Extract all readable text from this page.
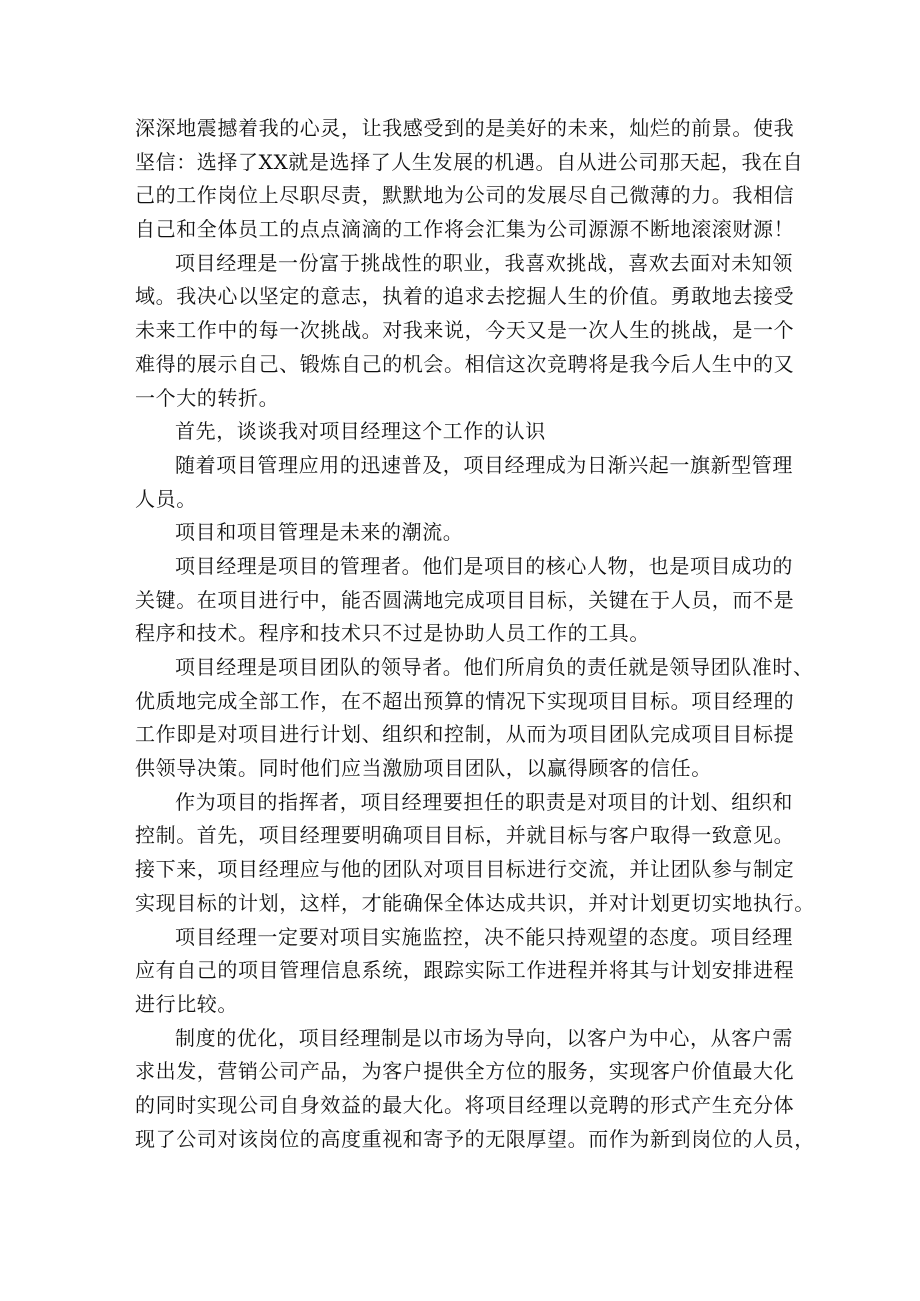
深深地震撼着我的心灵，让我感受到的是美好的未来，灿烂的前景。使我
坚信：选择了XX就是选择了人生发展的机遇。自从进公司那天起，我在自
己的工作岗位上尽职尽责，默默地为公司的发展尽自己微薄的力。我相信
自己和全体员工的点点滴滴的工作将会汇集为公司源源不断地滚滚财源！
项目经理是一份富于挑战性的职业，我喜欢挑战，喜欢去面对未知领
域。我决心以坚定的意志，执着的追求去挖掘人生的价值。勇敢地去接受
未来工作中的每一次挑战。对我来说，今天又是一次人生的挑战，是一个
难得的展示自己、锻炼自己的机会。相信这次竞聘将是我今后人生中的又
一个大的转折。
首先，谈谈我对项目经理这个工作的认识
随着项目管理应用的迅速普及，项目经理成为日渐兴起一旗新型管理
人员。
项目和项目管理是未来的潮流。
项目经理是项目的管理者。他们是项目的核心人物，也是项目成功的
关键。在项目进行中，能否圆满地完成项目目标，关键在于人员，而不是
程序和技术。程序和技术只不过是协助人员工作的工具。
项目经理是项目团队的领导者。他们所肩负的责任就是领导团队准时、
优质地完成全部工作，在不超出预算的情况下实现项目目标。项目经理的
工作即是对项目进行计划、组织和控制，从而为项目团队完成项目目标提
供领导决策。同时他们应当激励项目团队，以赢得顾客的信任。
作为项目的指挥者，项目经理要担任的职责是对项目的计划、组织和
控制。首先，项目经理要明确项目目标，并就目标与客户取得一致意见。
接下来，项目经理应与他的团队对项目目标进行交流，并让团队参与制定
实现目标的计划，这样，才能确保全体达成共识，并对计划更切实地执行。
项目经理一定要对项目实施监控，决不能只持观望的态度。项目经理
应有自己的项目管理信息系统，跟踪实际工作进程并将其与计划安排进程
进行比较。
制度的优化，项目经理制是以市场为导向，以客户为中心，从客户需
求出发，营销公司产品，为客户提供全方位的服务，实现客户价值最大化
的同时实现公司自身效益的最大化。将项目经理以竞聘的形式产生充分体
现了公司对该岗位的高度重视和寄予的无限厚望。而作为新到岗位的人员，
